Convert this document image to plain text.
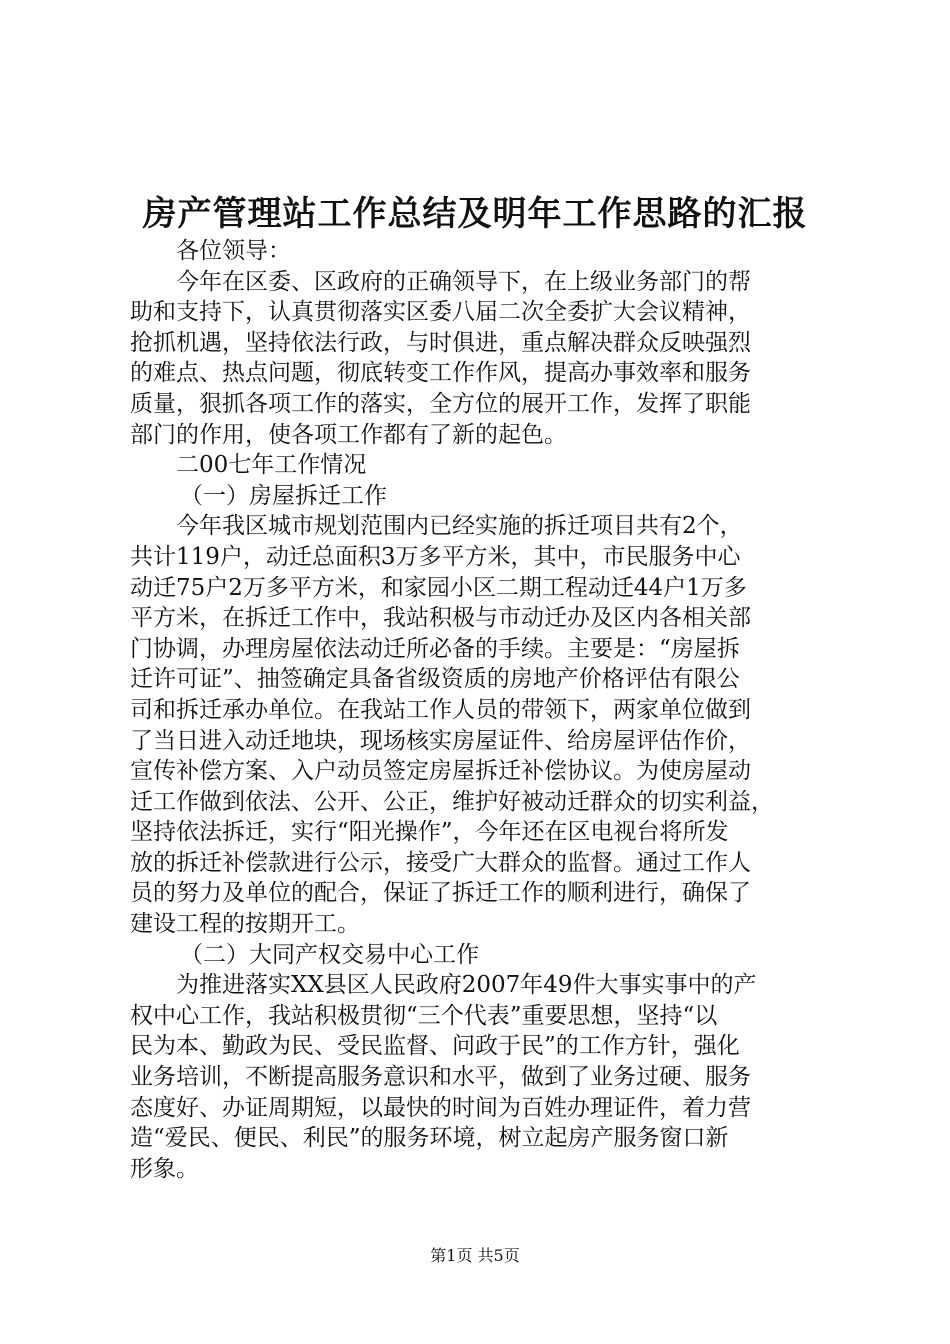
房产管理站工作总结及明年工作思路的汇报
各位领导：
今年在区委、区政府的正确领导下，在上级业务部门的帮
助和支持下，认真贯彻落实区委八届二次全委扩大会议精神，
抢抓机遇，坚持依法行政，与时俱进，重点解决群众反映强烈
的难点、热点问题，彻底转变工作作风，提高办事效率和服务
质量，狠抓各项工作的落实，全方位的展开工作，发挥了职能
部门的作用，使各项工作都有了新的起色。
二00七年工作情况
（一）房屋拆迁工作
今年我区城市规划范围内已经实施的拆迁项目共有2个，
共计119户，动迁总面积3万多平方米，其中，市民服务中心
动迁75户2万多平方米，和家园小区二期工程动迁44户1万多
平方米，在拆迁工作中，我站积极与市动迁办及区内各相关部
门协调，办理房屋依法动迁所必备的手续。主要是：“房屋拆
迁许可证”、抽签确定具备省级资质的房地产价格评估有限公
司和拆迁承办单位。在我站工作人员的带领下，两家单位做到
了当日进入动迁地块，现场核实房屋证件、给房屋评估作价，
宣传补偿方案、入户动员签定房屋拆迁补偿协议。为使房屋动
迁工作做到依法、公开、公正，维护好被动迁群众的切实利益，
坚持依法拆迁，实行“阳光操作”，今年还在区电视台将所发
放的拆迁补偿款进行公示，接受广大群众的监督。通过工作人
员的努力及单位的配合，保证了拆迁工作的顺利进行，确保了
建设工程的按期开工。
（二）大同产权交易中心工作
为推进落实XX县区人民政府2007年49件大事实事中的产
权中心工作，我站积极贯彻“三个代表”重要思想，坚持“以
民为本、勤政为民、受民监督、问政于民”的工作方针，强化
业务培训，不断提高服务意识和水平，做到了业务过硬、服务
态度好、办证周期短，以最快的时间为百姓办理证件，着力营
造“爱民、便民、利民”的服务环境，树立起房产服务窗口新
形象。
第1页 共5页
